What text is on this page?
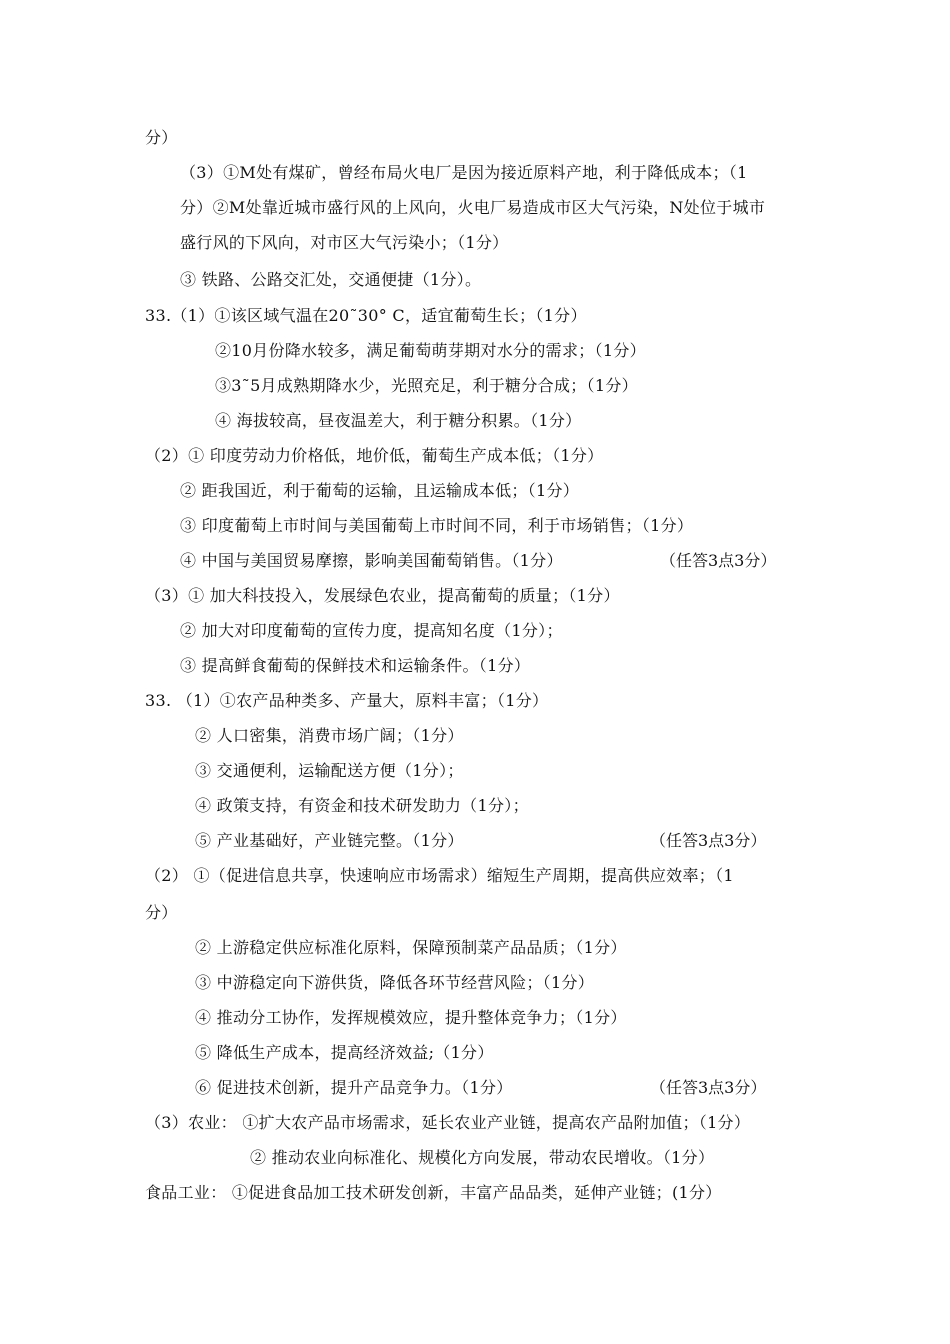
分）
（3）①M处有煤矿，曾经布局火电厂是因为接近原料产地，利于降低成本；（1
分）②M处靠近城市盛行风的上风向，火电厂易造成市区大气污染，N处位于城市
盛行风的下风向，对市区大气污染小；（1分）
③ 铁路、公路交汇处，交通便捷（1分）。
33.（1）①该区域气温在20˜30° C，适宜葡萄生长；（1分）
②10月份降水较多，满足葡萄萌芽期对水分的需求；（1分）
③3˜5月成熟期降水少，光照充足，利于糖分合成；（1分）
④ 海拔较高，昼夜温差大，利于糖分积累。（1分）
（2）① 印度劳动力价格低，地价低，葡萄生产成本低；（1分）
② 距我国近，利于葡萄的运输，且运输成本低；（1分）
③ 印度葡萄上市时间与美国葡萄上市时间不同，利于市场销售；（1分）
④ 中国与美国贸易摩擦，影响美国葡萄销售。（1分）	（任答3点3分）
（3）① 加大科技投入，发展绿色农业，提高葡萄的质量；（1分）
② 加大对印度葡萄的宣传力度，提高知名度（1分）；
③ 提高鲜食葡萄的保鲜技术和运输条件。（1分）
33. （1）①农产品种类多、产量大，原料丰富；（1分）
② 人口密集，消费市场广阔；（1分）
③ 交通便利，运输配送方便（1分）；
④ 政策支持，有资金和技术研发助力（1分）；
⑤ 产业基础好，产业链完整。（1分）	（任答3点3分）
（2） ①（促进信息共享，快速响应市场需求）缩短生产周期，提高供应效率；（1
分）
② 上游稳定供应标准化原料，保障预制菜产品品质；（1分）
③ 中游稳定向下游供货，降低各环节经营风险；（1分）
④ 推动分工协作，发挥规模效应，提升整体竞争力；（1分）
⑤ 降低生产成本，提高经济效益;（1分）
⑥ 促进技术创新，提升产品竞争力。（1分）	（任答3点3分）
（3）农业： ①扩大农产品市场需求，延长农业产业链，提高农产品附加值；（1分）
② 推动农业向标准化、规模化方向发展，带动农民增收。（1分）
食品工业： ①促进食品加工技术研发创新，丰富产品品类，延伸产业链；(1分）
